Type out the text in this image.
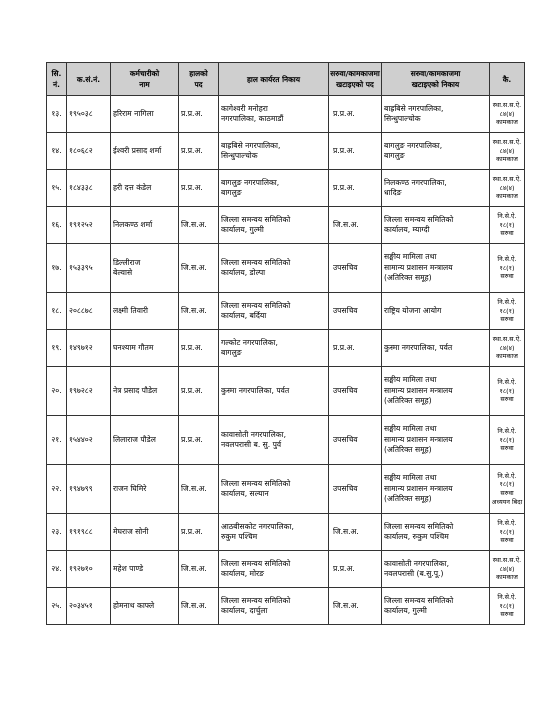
सि.
नं.	क.सं.नं.	कर्मचारीको
नाम	हालको
पद	हाल कार्यरत निकाय	सरुवा/कामकाजमा
खटाइएको पद	सरुवा/कामकाजमा
खटाइएको निकाय	कै.
१३.	१९५०३८	हरिराम नागिला	प्र.प्र.अ.	कागेश्वरी मनोहरा
नगरपालिका, काठमाडौं	प्र.प्र.अ.	बाह्रबिसे नगरपालिका,
सिन्धुपाल्चोक	स्था.स.स.ऐ.
८४(४)
कामकाज

१४.	१८०६८२	ईश्वरी प्रसाद शर्मा	प्र.प्र.अ.	बाह्रबिसे नगरपालिका,
सिन्धुपाल्चोक	प्र.प्र.अ.	बागलुङ नगरपालिका,
बागलुङ	स्था.स.स.ऐ.
८४(४)
कामकाज

१५.	१८४३३८	हरी दत्त कंडेल	प्र.प्र.अ.	बागलुङ नगरपालिका,
बागलुङ	प्र.प्र.अ.	निलकण्ठ नगरपालिका,
धादिङ	स्था.स.स.ऐ.
८४(४)
कामकाज

१६.	१९१२५२	निलकण्ठ शर्मा	जि.स.अ.	जिल्ला समन्वय समितिको
कार्यालय, गुल्मी	जि.स.अ.	जिल्ला समन्वय समितिको
कार्यालय, म्याग्दी	नि.से.ऐ.
१८(१)
सरुवा

१७.	१५३३९५	डिल्लीराज
बेल्वासे	जि.स.अ.	जिल्ला समन्वय समितिको
कार्यालय, डोल्पा	उपसचिव	सङ्घीय मामिला तथा
सामान्य प्रशासन मन्त्रालय
(अतिरिक्त समूह)	नि.से.ऐ.
१८(१)
सरुवा

१८.	२०८८७८	लक्ष्मी तिवारी	जि.स.अ.	जिल्ला समन्वय समितिको
कार्यालय, बर्दिया	उपसचिव	राष्ट्रिय योजना आयोग	नि.से.ऐ.
१८(१)
सरुवा

१९.	१४९७१२	घनश्याम गौतम	प्र.प्र.अ.	गल्कोट नगरपालिका,
बागलुङ	प्र.प्र.अ.	कुस्मा नगरपालिका, पर्वत	स्था.स.स.ऐ.
८४(४)
कामकाज

२०.	१९७२८२	नेत्र प्रसाद पौडेल	प्र.प्र.अ.	कुस्मा नगरपालिका, पर्वत	उपसचिव	सङ्घीय मामिला तथा
सामान्य प्रशासन मन्त्रालय
(अतिरिक्त समूह)	नि.से.ऐ.
१८(१)
सरुवा

२१.	१५४४०२	लिलाराज पौडेल	प्र.प्र.अ.	कावासोती नगरपालिका,
नवलपरासी ब. सु. पुर्व	उपसचिव	सङ्घीय मामिला तथा
सामान्य प्रशासन मन्त्रालय
(अतिरिक्त समूह)	नि.से.ऐ.
१८(१)
सरुवा

२२.	१९४७९९	राजन घिमिरे	जि.स.अ.	जिल्ला समन्वय समितिको
कार्यालय, सल्यान	उपसचिव	सङ्घीय मामिला तथा
सामान्य प्रशासन मन्त्रालय
(अतिरिक्त समूह)	नि.से.ऐ.
१८(१)
सरुवा
अध्ययन बिदा

२३.	१९१९८८	मेघराज सोनी	प्र.प्र.अ.	आठबीसकोट नगरपालिका,
रुकुम पश्चिम	जि.स.अ.	जिल्ला समन्वय समितिको
कार्यालय, रुकुम पश्चिम	नि.से.ऐ.
१८(१)
सरुवा

२४.	१९२७१०	महेश पाण्डे	जि.स.अ.	जिल्ला समन्वय समितिको
कार्यालय, मोरङ	प्र.प्र.अ.	कावासोती नगरपालिका,
नवलपरासी (ब.सु.पू.)	स्था.स.स.ऐ.
८४(४)
कामकाज

२५.	२०३४५१	होमनाथ काफ्ले	जि.स.अ.	जिल्ला समन्वय समितिको
कार्यालय, दार्चुला	जि.स.अ.	जिल्ला समन्वय समितिको
कार्यालय, गुल्मी	नि.से.ऐ.
१८(१)
सरुवा
